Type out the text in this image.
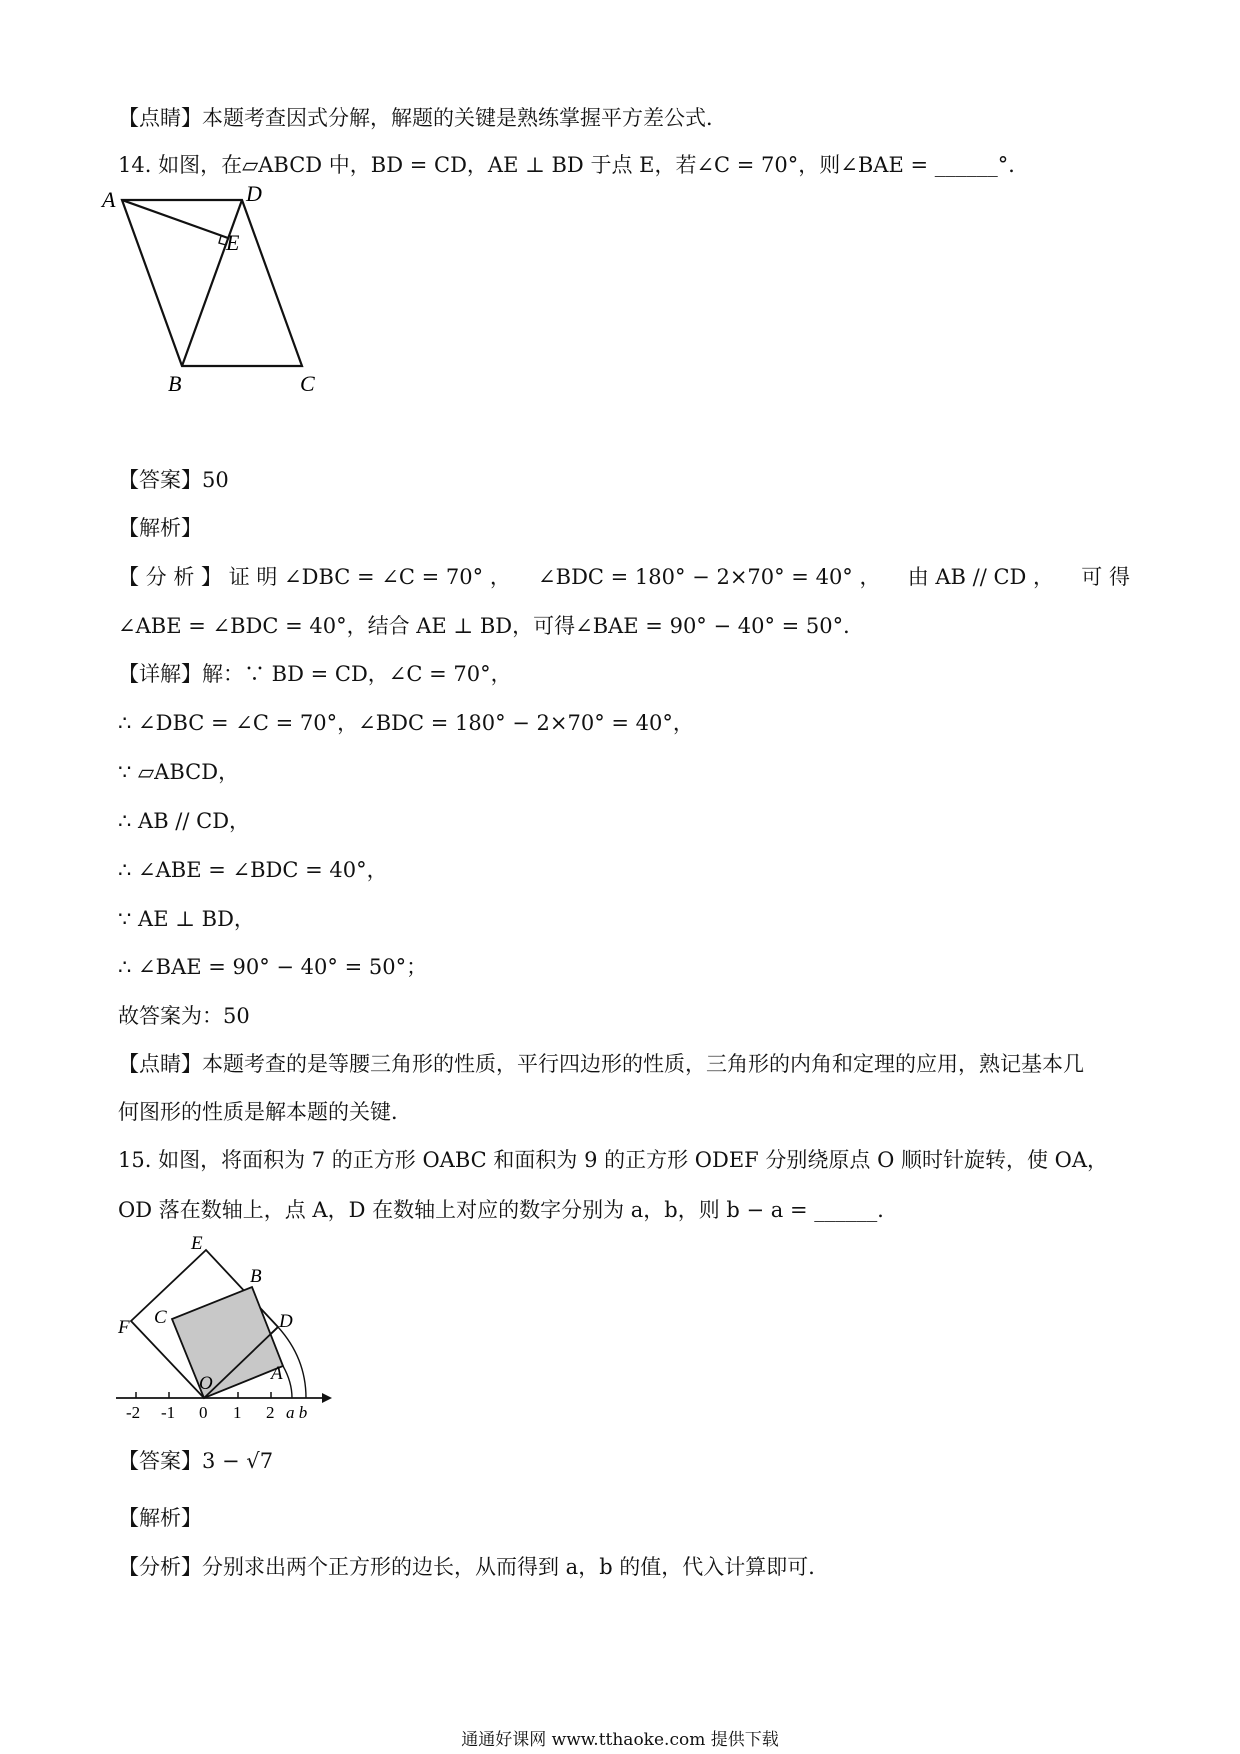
【点睛】本题考查因式分解，解题的关键是熟练掌握平方差公式．
14. 如图，在▱ABCD 中，BD = CD，AE ⊥ BD 于点 E，若∠C = 70°，则∠BAE = ______°．
A	D
E
B	C
【答案】50
【解析】
【 分 析 】 证 明 ∠DBC = ∠C = 70° ， ∠BDC = 180° − 2×70° = 40° ， 由 AB // CD ， 可 得
∠ABE = ∠BDC = 40°，结合 AE ⊥ BD，可得∠BAE = 90° − 40° = 50°．
【详解】解：∵ BD = CD，∠C = 70°，
∴ ∠DBC = ∠C = 70°，∠BDC = 180° − 2×70° = 40°，
∵ ▱ABCD，
∴ AB // CD，
∴ ∠ABE = ∠BDC = 40°，
∵ AE ⊥ BD，
∴ ∠BAE = 90° − 40° = 50°；
故答案为：50
【点睛】本题考查的是等腰三角形的性质，平行四边形的性质，三角形的内角和定理的应用，熟记基本几
何图形的性质是解本题的关键．
15. 如图，将面积为 7 的正方形 OABC 和面积为 9 的正方形 ODEF 分别绕原点 O 顺时针旋转，使 OA，
OD 落在数轴上，点 A，D 在数轴上对应的数字分别为 a，b，则 b − a = ______．
E
B
C	D
F
O	A
-2 -1 0 1 2 a b
【答案】3 − √7
【解析】
【分析】分别求出两个正方形的边长，从而得到 a，b 的值，代入计算即可．
通通好课网 www.tthaoke.com 提供下载
